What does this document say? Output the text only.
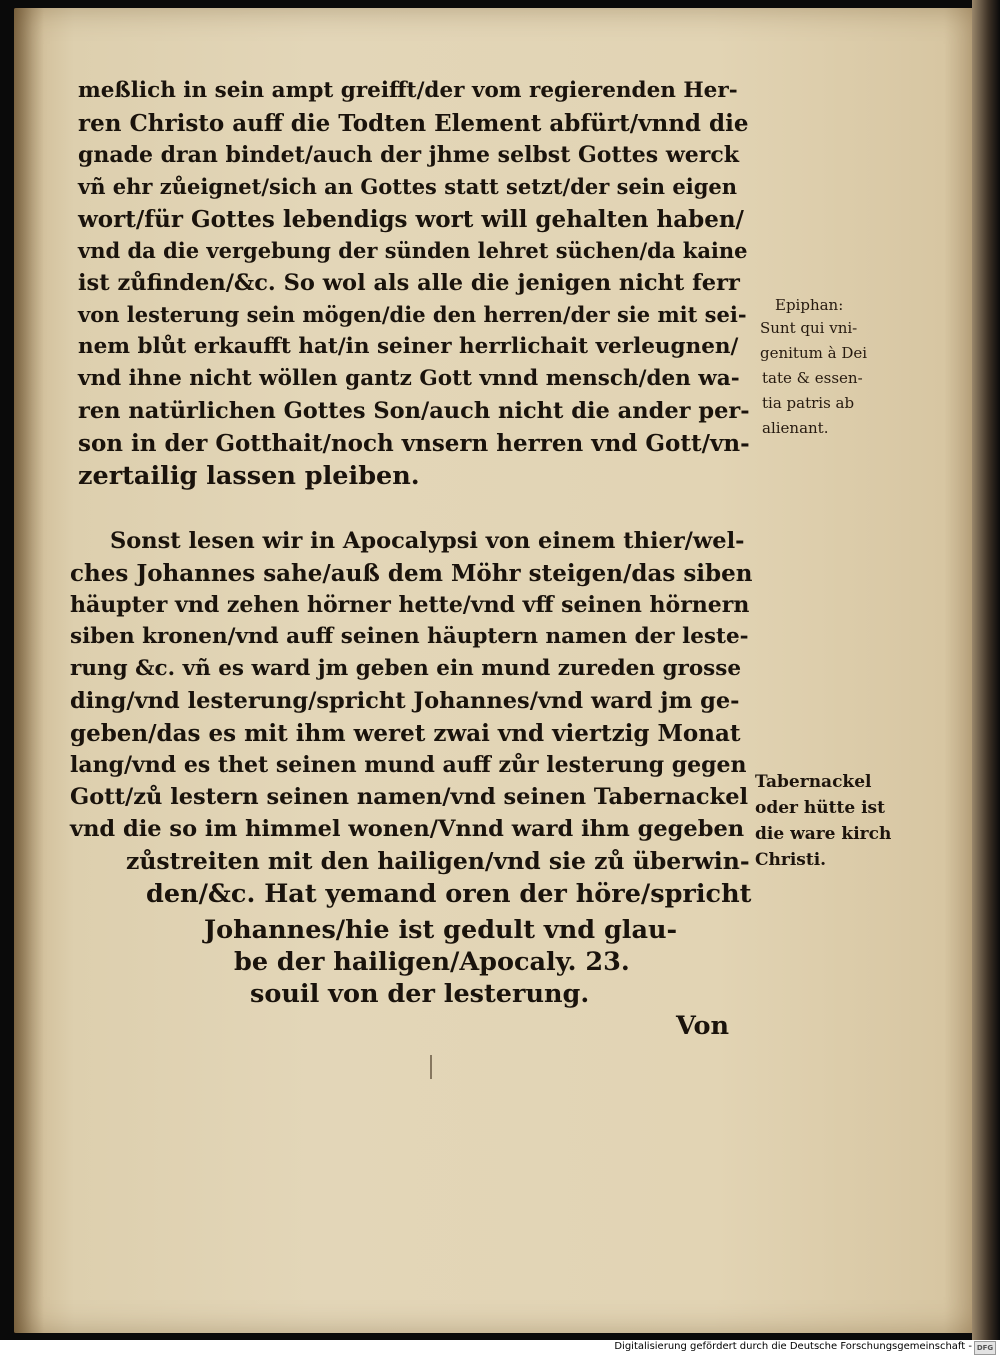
meßlich in sein ampt greifft/der vom regierenden Her-
ren Christo auff die Todten Element abfürt/vnnd die
gnade dran bindet/auch der jhme selbst Gottes werck
vñ ehr zůeignet/sich an Gottes statt setzt/der sein eigen
wort/für Gottes lebendigs wort will gehalten haben/
vnd da die vergebung der sünden lehret süchen/da kaine
ist zůfinden/&c. So wol als alle die jenigen nicht ferr
von lesterung sein mögen/die den herren/der sie mit sei-
nem blůt erkaufft hat/in seiner herrlichait verleugnen/
vnd ihne nicht wöllen gantz Gott vnnd mensch/den wa-
ren natürlichen Gottes Son/auch nicht die ander per-
son in der Gotthait/noch vnsern herren vnd Gott/vn-
zertailig lassen pleiben.
Sonst lesen wir in Apocalypsi von einem thier/wel-
ches Johannes sahe/auß dem Möhr steigen/das siben
häupter vnd zehen hörner hette/vnd vff seinen hörnern
siben kronen/vnd auff seinen häuptern namen der leste-
rung &c. vñ es ward jm geben ein mund zureden grosse
ding/vnd lesterung/spricht Johannes/vnd ward jm ge-
geben/das es mit ihm weret zwai vnd viertzig Monat
lang/vnd es thet seinen mund auff zůr lesterung gegen
Gott/zů lestern seinen namen/vnd seinen Tabernackel
vnd die so im himmel wonen/Vnnd ward ihm gegeben
zůstreiten mit den hailigen/vnd sie zů überwin-
den/&c. Hat yemand oren der höre/spricht
Johannes/hie ist gedult vnd glau-
be der hailigen/Apocaly. 23.
souil von der lesterung.
Von
Epiphan:
Sunt qui vni-
genitum à Dei
tate & essen-
tia patris ab
alienant.
Tabernackel
oder hütte ist
die ware kirch
Christi.
Digitalisierung gefördert durch die Deutsche Forschungsgemeinschaft - DFG
